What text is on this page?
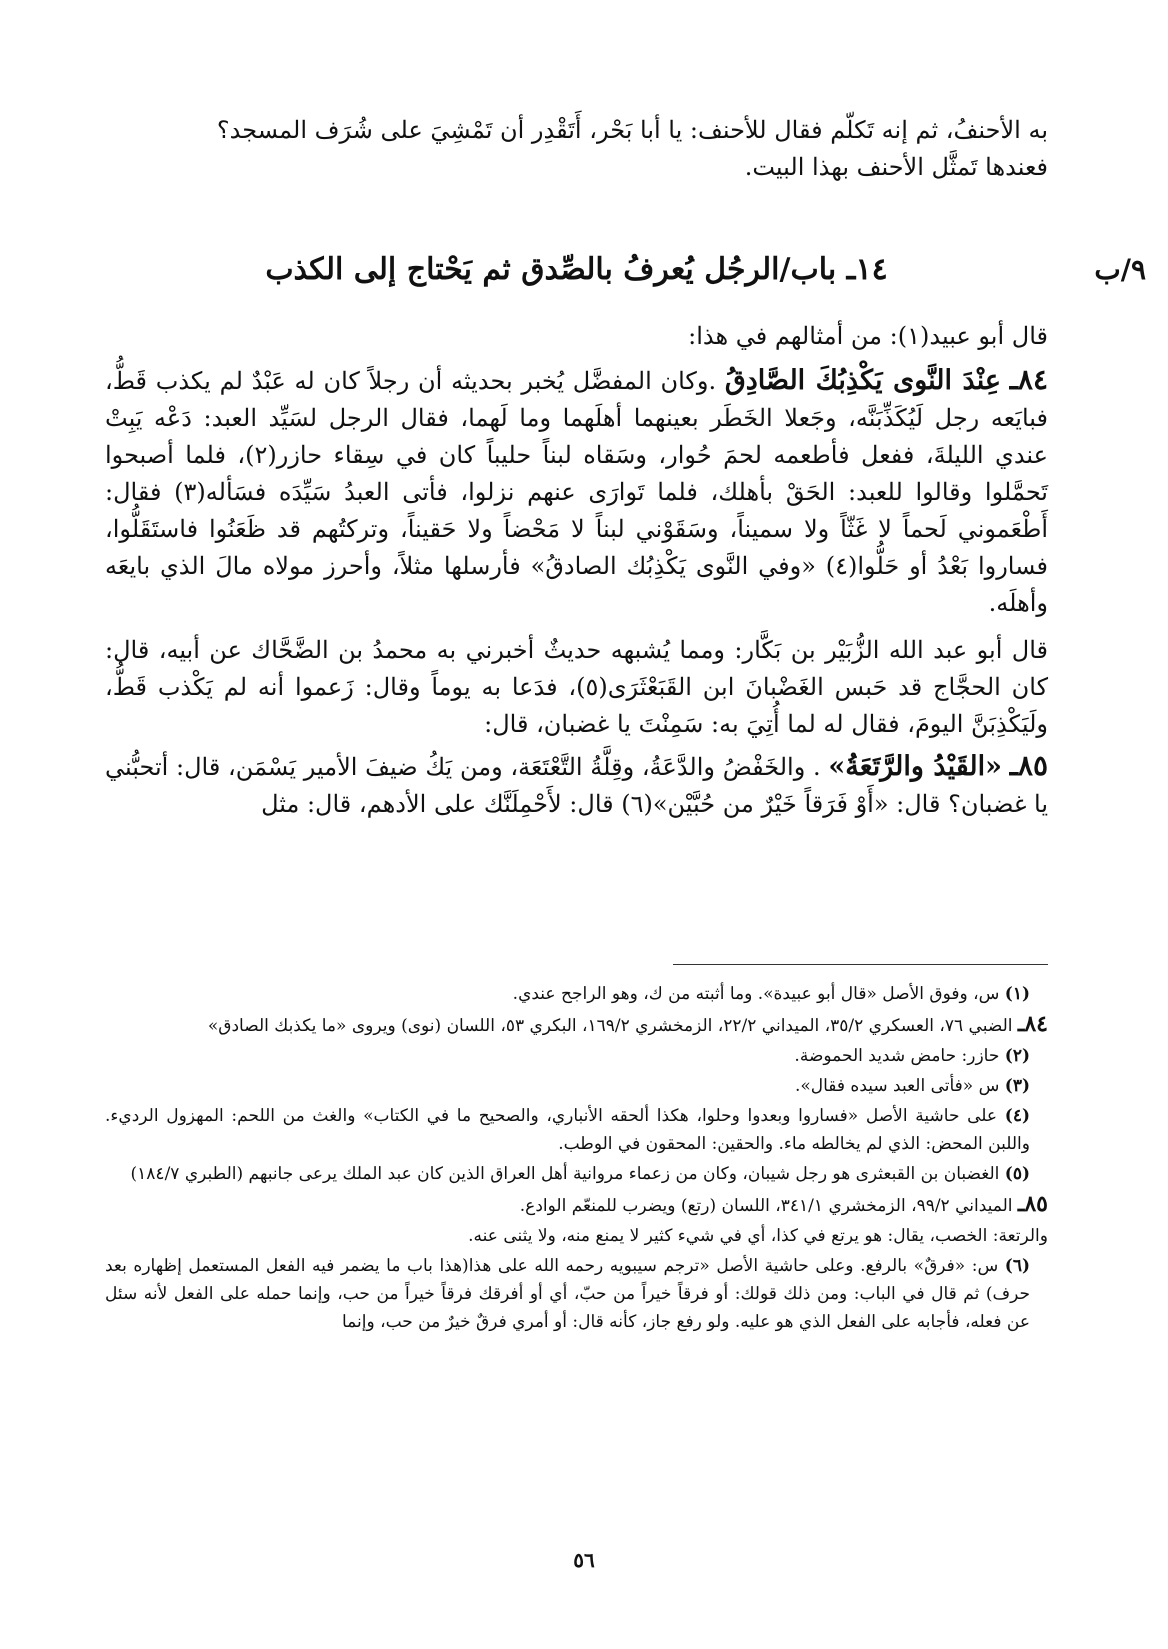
به الأحنفُ، ثم إنه تَكلّم فقال للأحنف: يا أبا بَحْر، أَتَقْدِر أن تَمْشِيَ على شُرَف المسجد؟

فعندها تَمثَّل الأحنف بهذا البيت.

٩/ب
١٤ـ باب/الرجُل يُعرفُ بالصِّدق ثم يَحْتاج إلى الكذب

قال أبو عبيد(١): من أمثالهم في هذا:

٨٤ـ عِنْدَ النَّوى يَكْذِبُكَ الصَّادِقُ .وكان المفضَّل يُخبر بحديثه أن رجلاً كان له عَبْدٌ لم يكذب قَطُّ، فبايَعه رجل لَيُكَذِّبَنَّه، وجَعلا الخَطَر بعينهما أهلَهما وما لَهما، فقال الرجل لسَيِّد العبد: دَعْه يَبِتْ عندي الليلةَ، ففعل فأطعمه لحمَ حُوار، وسَقاه لبناً حليباً كان في سِقاء حازر(٢)، فلما أصبحوا تَحمَّلوا وقالوا للعبد: الحَقْ بأهلك، فلما تَوارَى عنهم نزلوا، فأتى العبدُ سَيِّدَه فسَأله(٣) فقال: أَطْعَموني لَحماً لا غَثّاً ولا سميناً، وسَقَوْني لبناً لا مَحْضاً ولا حَقيناً، وتركتُهم قد ظَعَنُوا فاستَقَلُّوا، فساروا بَعْدُ أو حَلُّوا(٤) «وفي النَّوى يَكْذِبُك الصادقُ» فأرسلها مثلاً، وأحرز مولاه مالَ الذي بايعَه وأهلَه.

قال أبو عبد الله الزُّبَيْر بن بَكَّار: ومما يُشبهه حديثٌ أخبرني به محمدُ بن الضَّحَّاك عن أبيه، قال: كان الحجَّاج قد حَبس الغَضْبانَ ابن القَبَعْثَرَى(٥)، فدَعا به يوماً وقال: زَعموا أنه لم يَكْذب قَطُّ، ولَيَكْذِبَنَّ اليومَ، فقال له لما أُتِيَ به: سَمِنْتَ يا غضبان، قال:

٨٥ـ «القَيْدُ والرَّتَعَةُ» . والخَفْضُ والدَّعَةُ، وقِلَّةُ التَّعْتَعَة، ومن يَكُ ضيفَ الأمير يَسْمَن، قال: أتحبُّني يا غضبان؟ قال: «أَوْ فَرَقاً خَيْرٌ من حُبَّيْن»(٦) قال: لأَحْمِلَنَّك على الأدهم، قال: مثل

(١) س، وفوق الأصل «قال أبو عبيدة». وما أثبته من ك، وهو الراجح عندي.

٨٤ـ الضبي ٧٦، العسكري ٣٥/٢، الميداني ٢٢/٢، الزمخشري ١٦٩/٢، البكري ٥٣، اللسان (نوى) ويروى «ما يكذبك الصادق»

(٢) حازر: حامض شديد الحموضة.

(٣) س «فأتى العبد سيده فقال».

(٤) على حاشية الأصل «فساروا وبعدوا وحلوا، هكذا ألحقه الأنباري، والصحيح ما في الكتاب» والغث من اللحم: المهزول الرديء. واللبن المحض: الذي لم يخالطه ماء. والحقين: المحقون في الوطب.

(٥) الغضبان بن القبعثرى هو رجل شيبان، وكان من زعماء مروانية أهل العراق الذين كان عبد الملك يرعى جانبهم (الطبري ١٨٤/٧)

٨٥ـ الميداني ٩٩/٢، الزمخشري ٣٤١/١، اللسان (رتع) ويضرب للمنعّم الوادع.

والرتعة: الخصب، يقال: هو يرتع في كذا، أي في شيء كثير لا يمنع منه، ولا يثنى عنه.

(٦) س: «فرقٌ» بالرفع. وعلى حاشية الأصل «ترجم سيبويه رحمه الله على هذا(هذا باب ما يضمر فيه الفعل المستعمل إظهاره بعد حرف) ثم قال في الباب: ومن ذلك قولك: أو فرقاً خيراً من حبّ، أي أو أفرقك فرقاً خيراً من حب، وإنما حمله على الفعل لأنه سئل عن فعله، فأجابه على الفعل الذي هو عليه. ولو رفع جاز، كأنه قال: أو أمري فرقٌ خيرٌ من حب، وإنما

٥٦
